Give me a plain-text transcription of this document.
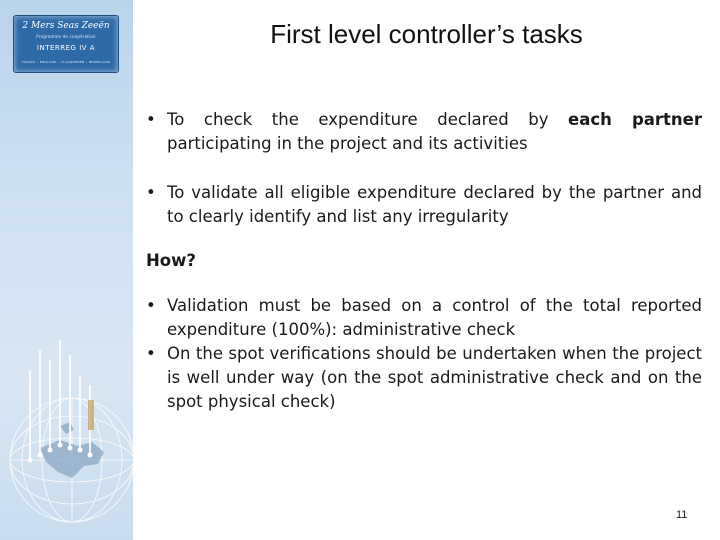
2 Mers Seas Zeeën
Programme de coopération
INTERREG IV A
FRANCE – ENGLAND – VLAANDEREN – NEDERLAND
First level controller’s tasks
• To check the expenditure declared by each partner participating in the project and its activities

• To validate all eligible expenditure declared by the partner and to clearly identify and list any irregularity

How?

• Validation must be based on a control of the total reported expenditure (100%): administrative check

• On the spot verifications should be undertaken when the project is well under way (on the spot administrative check and on the spot physical check)

11
